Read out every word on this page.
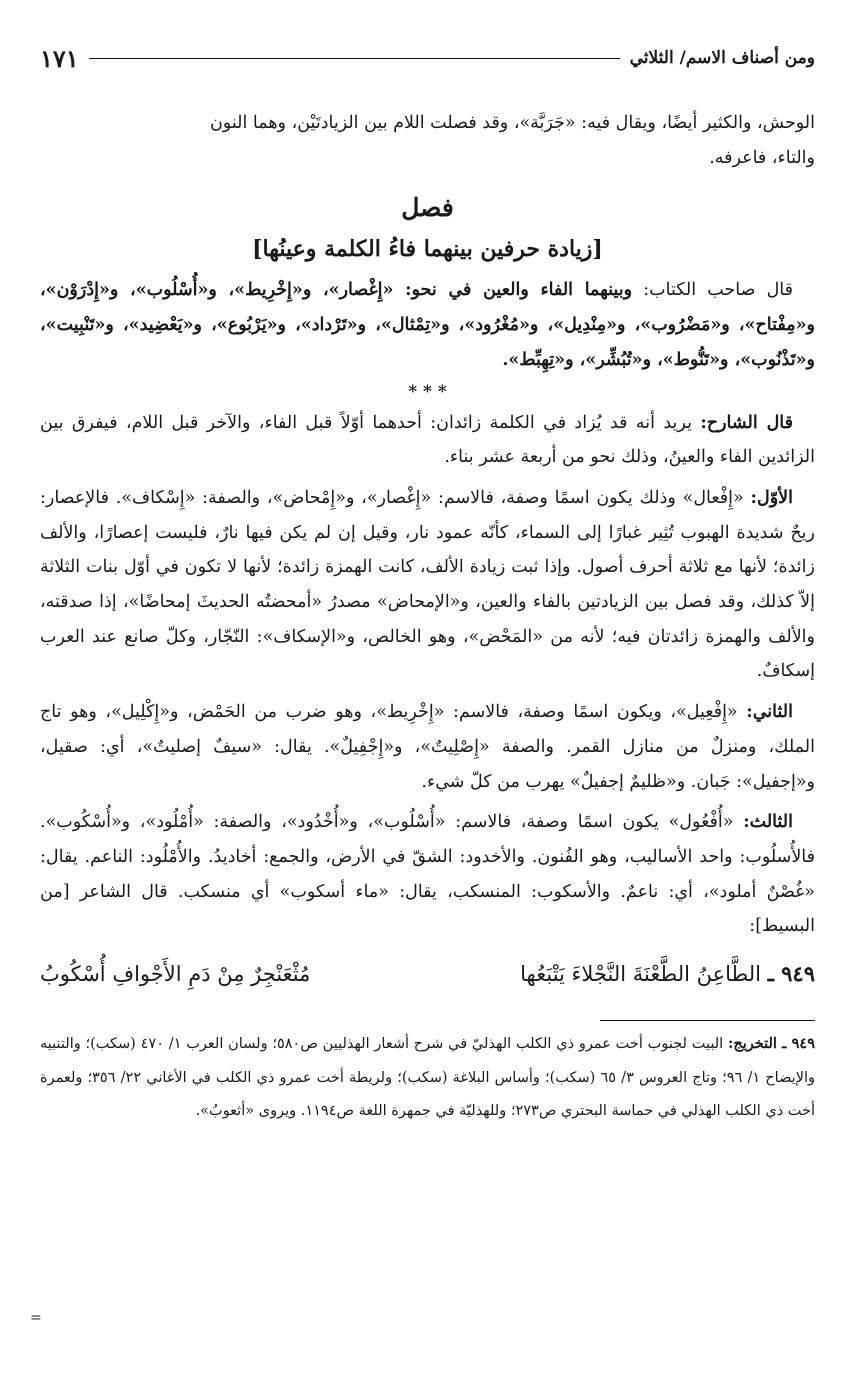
ومن أصناف الاسم/ الثلاثي
١٧١

الوحش، والكثير أيضًا، ويقال فيه: «جَرَبَّة»، وقد فصلت اللام بين الزيادتَيْن، وهما النون

والتاء، فاعرفه.

فصل
[زيادة حرفين بينهما فاءُ الكلمة وعينُها]

قال صاحب الكتاب: وبينهما الفاء والعين في نحو: «إِغْصار»، و«إِخْرِيط»، و«أُسْلُوب»، و«إِدْرَوْن»، و«مِفْتاح»، و«مَضْرُوب»، و«مِنْدِيل»، و«مُغْرُود»، و«تِمْثال»، و«تَرْداد»، و«يَرْبُوع»، و«يَعْضِيد»، و«تَنْبِيت»، و«تَذْنُوب»، و«تَنُّوط»، و«تُبُشِّر»، و«تِهِبِّط».

* * *

قال الشارح: يريد أنه قد يُزاد في الكلمة زائدان: أحدهما أوّلاً قبل الفاء، والآخر قبل اللام، فيفرق بين الزائدين الفاء والعينُ، وذلك نحو من أربعة عشر بناء.

الأوّل: «إِفْعال» وذلك يكون اسمًا وصفة، فالاسم: «إِغْصار»، و«إِمْحاض»، والصفة: «إِسْكاف». فالإعصار: ريحٌ شديدة الهبوب تُثِير غبارًا إلى السماء، كأنّه عمود نار، وقيل إن لم يكن فيها نارٌ، فليست إعصارًا، والألف زائدة؛ لأنها مع ثلاثة أحرف أصول. وإذا ثبت زيادة الألف، كانت الهمزة زائدة؛ لأنها لا تكون في أوّل بنات الثلاثة إلاّ كذلك، وقد فصل بين الزيادتين بالفاء والعين، و«الإمحاض» مصدرُ «أمحضتُه الحديثَ إمحاضًا»، إذا صدقته، والألف والهمزة زائدتان فيه؛ لأنه من «المَحْض»، وهو الخالص، و«الإسكاف»: النّجّار، وكلّ صانع عند العرب إسكافٌ.

الثاني: «إِفْعِيل»، ويكون اسمًا وصفة، فالاسم: «إِخْرِيط»، وهو ضرب من الحَمْض، و«إِكْلِيل»، وهو تاج الملك، ومنزلٌ من منازل القمر. والصفة «إِصْلِيتٌ»، و«إِجْفِيلٌ». يقال: «سيفٌ إصليتٌ»، أي: صقيل، و«إجفيل»: جَبان. و«ظليمٌ إجفيلٌ» يهرب من كلّ شيء.

الثالث: «أُفْعُول» يكون اسمًا وصفة، فالاسم: «أُسْلُوب»، و«أُخْدُود»، والصفة: «أُمْلُود»، و«أُسْكُوب». فالأُسلُوب: واحد الأساليب، وهو الفُنون. والأخدود: الشقّ في الأرض، والجمع: أخاديدُ. والأُمْلُود: الناعم. يقال: «غُصْنٌ أملود»، أي: ناعمٌ. والأسكوب: المنسكب، يقال: «ماء أسكوب» أي منسكب. قال الشاعر [من البسيط]:

٩٤٩ ـ الطَّاعِنُ الطَّعْنَةَ النَّجْلاءَ يَتْبَعُها
مُثْعَنْجِرٌ مِنْ دَمِ الأَجْوافِ أُسْكُوبُ
٩٤٩ ـ التخريج: البيت لجنوب أخت عمرو ذي الكلب الهذليّ في شرح أشعار الهذليين ص٥٨٠؛ ولسان العرب ١/ ٤٧٠ (سكب)؛ والتنبيه والإيضاح ١/ ٩٦؛ وتاج العروس ٣/ ٦٥ (سكب)؛ وأساس البلاغة (سكب)؛ ولريطة أخت عمرو ذي الكلب في الأغاني ٢٢/ ٣٥٦؛ ولعمرة أخت ذي الكلب الهذلي في حماسة البحتري ص٢٧٣؛ وللهذليّة في جمهرة اللغة ص١١٩٤. ويروى «أثعوبُ».
=
